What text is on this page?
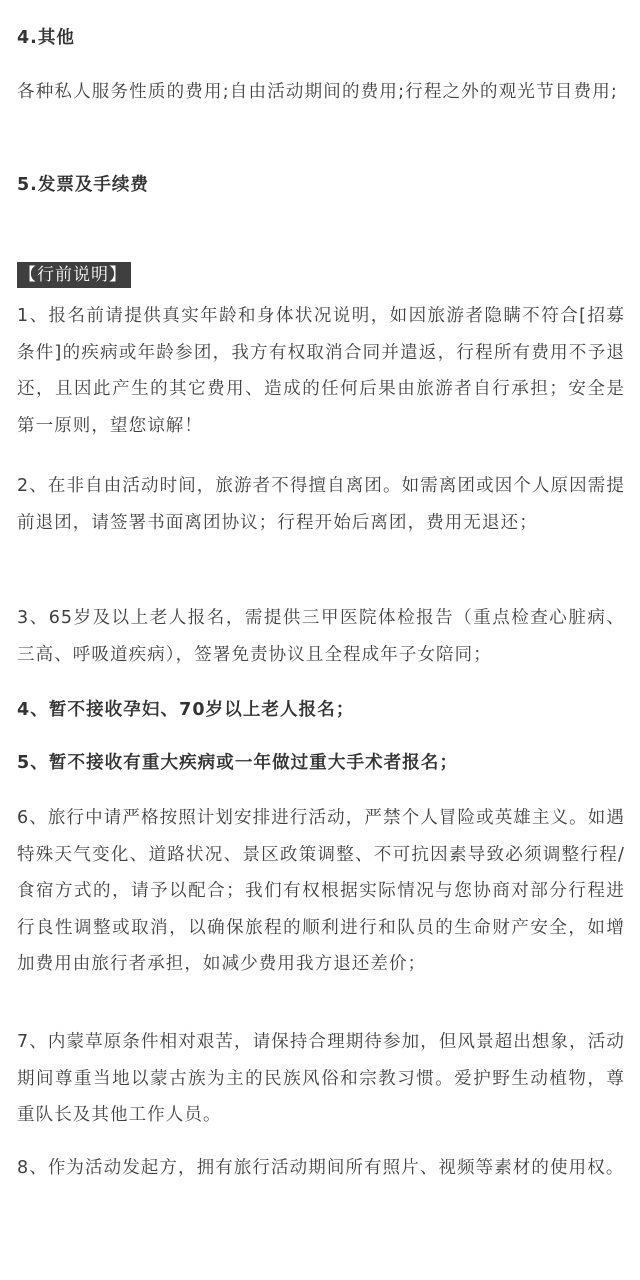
4.其他
各种私人服务性质的费用;自由活动期间的费用;行程之外的观光节目费用;
5.发票及手续费
【行前说明】
1、报名前请提供真实年龄和身体状况说明，如因旅游者隐瞒不符合[招募条件]的疾病或年龄参团，我方有权取消合同并遣返，行程所有费用不予退还，且因此产生的其它费用、造成的任何后果由旅游者自行承担；安全是第一原则，望您谅解！
2、在非自由活动时间，旅游者不得擅自离团。如需离团或因个人原因需提前退团，请签署书面离团协议；行程开始后离团，费用无退还；
3、65岁及以上老人报名，需提供三甲医院体检报告（重点检查心脏病、三高、呼吸道疾病），签署免责协议且全程成年子女陪同；
4、暂不接收孕妇、70岁以上老人报名；
5、暂不接收有重大疾病或一年做过重大手术者报名；
6、旅行中请严格按照计划安排进行活动，严禁个人冒险或英雄主义。如遇特殊天气变化、道路状况、景区政策调整、不可抗因素导致必须调整行程/食宿方式的，请予以配合；我们有权根据实际情况与您协商对部分行程进行良性调整或取消，以确保旅程的顺利进行和队员的生命财产安全，如增加费用由旅行者承担，如减少费用我方退还差价；
7、内蒙草原条件相对艰苦，请保持合理期待参加，但风景超出想象，活动期间尊重当地以蒙古族为主的民族风俗和宗教习惯。爱护野生动植物，尊重队长及其他工作人员。
8、作为活动发起方，拥有旅行活动期间所有照片、视频等素材的使用权。
